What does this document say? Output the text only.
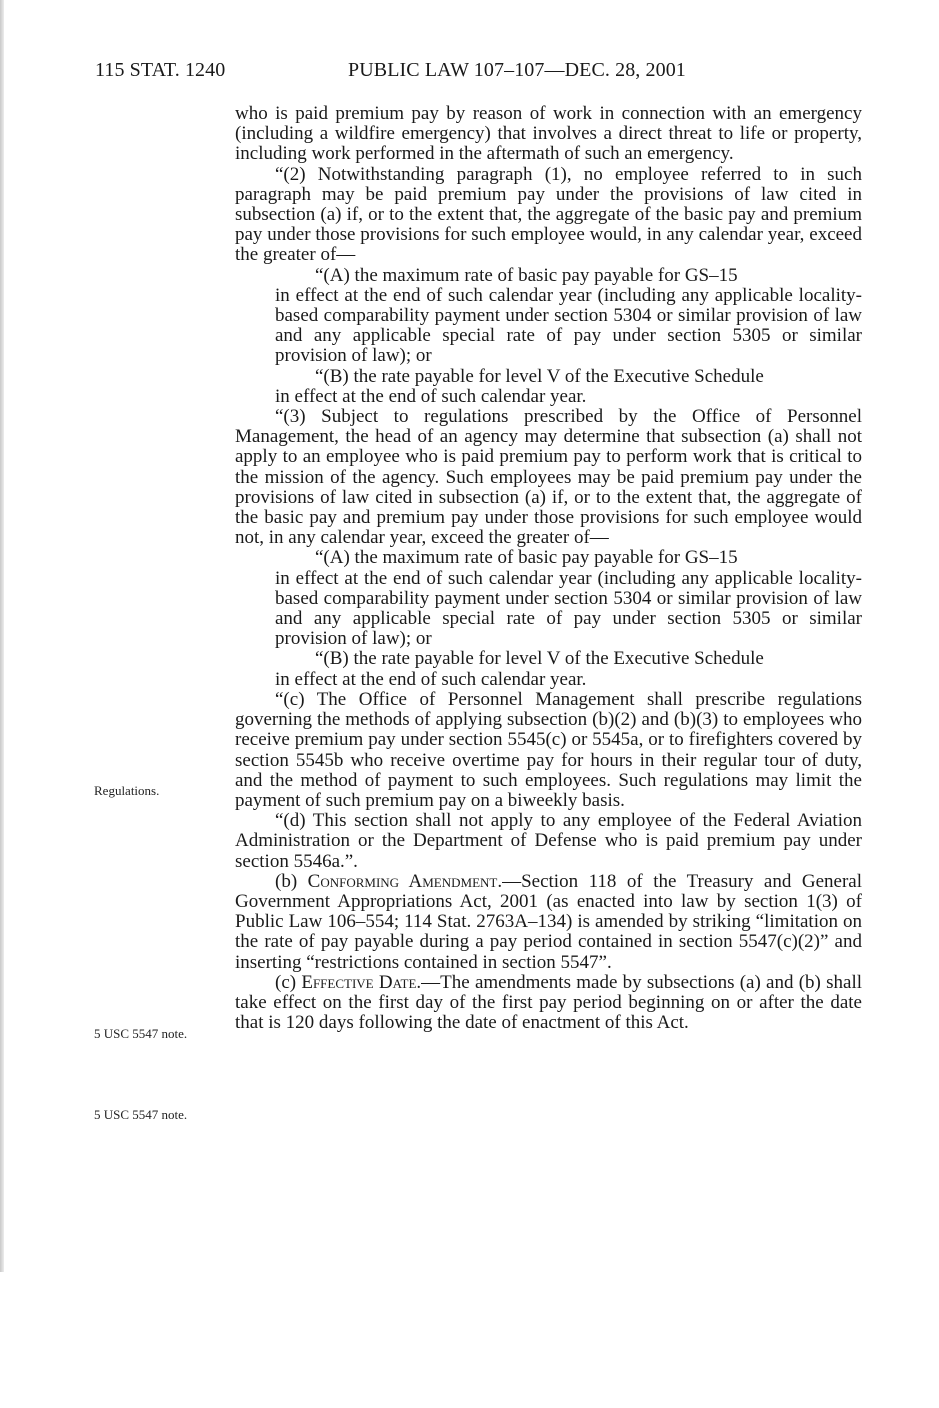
115 STAT. 1240	PUBLIC LAW 107–107—DEC. 28, 2001
Regulations.
5 USC 5547 note.
5 USC 5547 note.

who is paid premium pay by reason of work in connection with an emergency (including a wildfire emergency) that involves a direct threat to life or property, including work performed in the aftermath of such an emergency.

“(2) Notwithstanding paragraph (1), no employee referred to in such paragraph may be paid premium pay under the provisions of law cited in subsection (a) if, or to the extent that, the aggregate of the basic pay and premium pay under those provisions for such employee would, in any calendar year, exceed the greater of—

“(A) the maximum rate of basic pay payable for GS–15

in effect at the end of such calendar year (including any applicable locality-based comparability payment under section 5304 or similar provision of law and any applicable special rate of pay under section 5305 or similar provision of law); or

“(B) the rate payable for level V of the Executive Schedule

in effect at the end of such calendar year.

“(3) Subject to regulations prescribed by the Office of Personnel Management, the head of an agency may determine that subsection (a) shall not apply to an employee who is paid premium pay to perform work that is critical to the mission of the agency. Such employees may be paid premium pay under the provisions of law cited in subsection (a) if, or to the extent that, the aggregate of the basic pay and premium pay under those provisions for such employee would not, in any calendar year, exceed the greater of—

“(A) the maximum rate of basic pay payable for GS–15

in effect at the end of such calendar year (including any applicable locality-based comparability payment under section 5304 or similar provision of law and any applicable special rate of pay under section 5305 or similar provision of law); or

“(B) the rate payable for level V of the Executive Schedule

in effect at the end of such calendar year.

“(c) The Office of Personnel Management shall prescribe regulations governing the methods of applying subsection (b)(2) and (b)(3) to employees who receive premium pay under section 5545(c) or 5545a, or to firefighters covered by section 5545b who receive overtime pay for hours in their regular tour of duty, and the method of payment to such employees. Such regulations may limit the payment of such premium pay on a biweekly basis.

“(d) This section shall not apply to any employee of the Federal Aviation Administration or the Department of Defense who is paid premium pay under section 5546a.”.

(b) Conforming Amendment.—Section 118 of the Treasury and General Government Appropriations Act, 2001 (as enacted into law by section 1(3) of Public Law 106–554; 114 Stat. 2763A–134) is amended by striking “limitation on the rate of pay payable during a pay period contained in section 5547(c)(2)” and inserting “restrictions contained in section 5547”.

(c) Effective Date.—The amendments made by subsections (a) and (b) shall take effect on the first day of the first pay period beginning on or after the date that is 120 days following the date of enactment of this Act.
